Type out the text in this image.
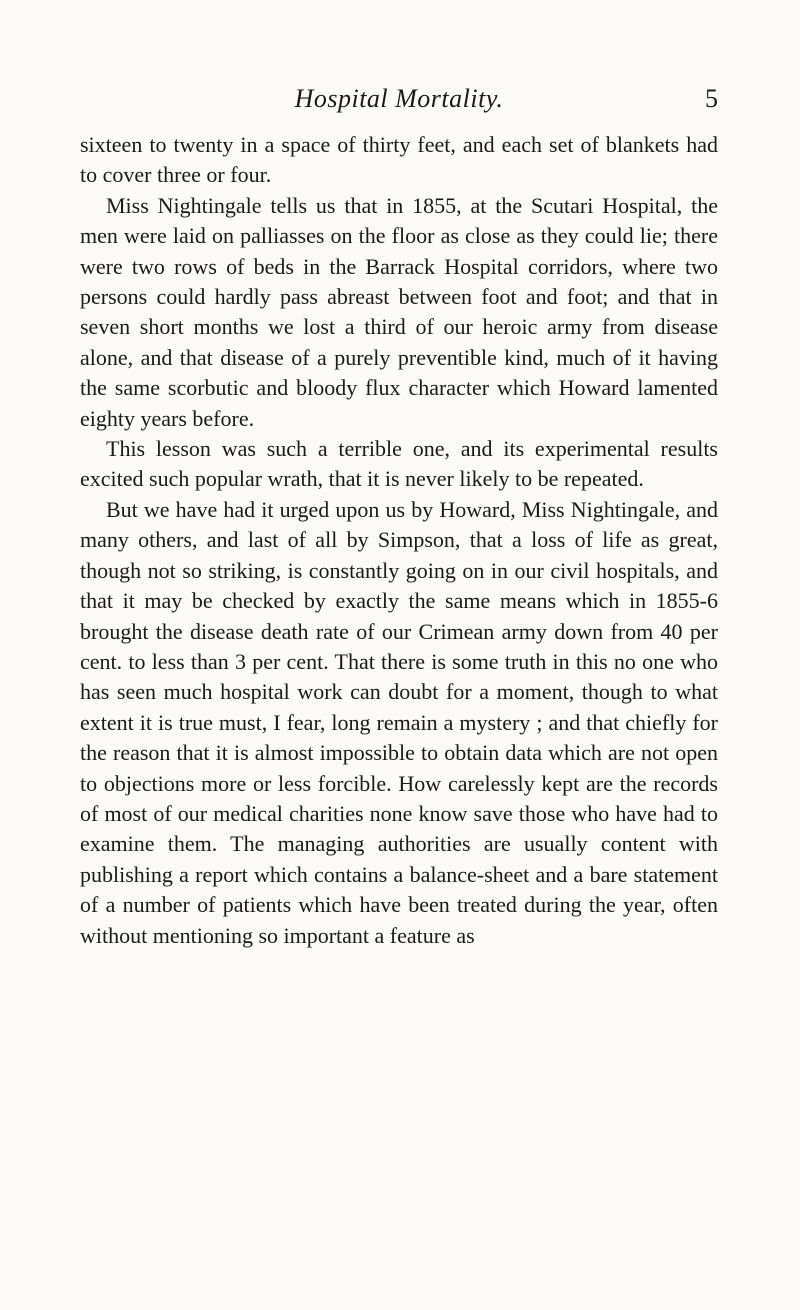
Hospital Mortality.	5

sixteen to twenty in a space of thirty feet, and each set of blankets had to cover three or four.

Miss Nightingale tells us that in 1855, at the Scutari Hospital, the men were laid on palliasses on the floor as close as they could lie; there were two rows of beds in the Barrack Hospital corridors, where two persons could hardly pass abreast between foot and foot; and that in seven short months we lost a third of our heroic army from disease alone, and that disease of a purely preventible kind, much of it having the same scorbutic and bloody flux character which Howard lamented eighty years before.

This lesson was such a terrible one, and its experimental results excited such popular wrath, that it is never likely to be repeated.

But we have had it urged upon us by Howard, Miss Nightingale, and many others, and last of all by Simpson, that a loss of life as great, though not so striking, is constantly going on in our civil hospitals, and that it may be checked by exactly the same means which in 1855-6 brought the disease death rate of our Crimean army down from 40 per cent. to less than 3 per cent. That there is some truth in this no one who has seen much hospital work can doubt for a moment, though to what extent it is true must, I fear, long remain a mystery ; and that chiefly for the reason that it is almost impossible to obtain data which are not open to objections more or less forcible. How carelessly kept are the records of most of our medical charities none know save those who have had to examine them. The managing authorities are usually content with publishing a report which contains a balance-sheet and a bare statement of a number of patients which have been treated during the year, often without mentioning so important a feature as
